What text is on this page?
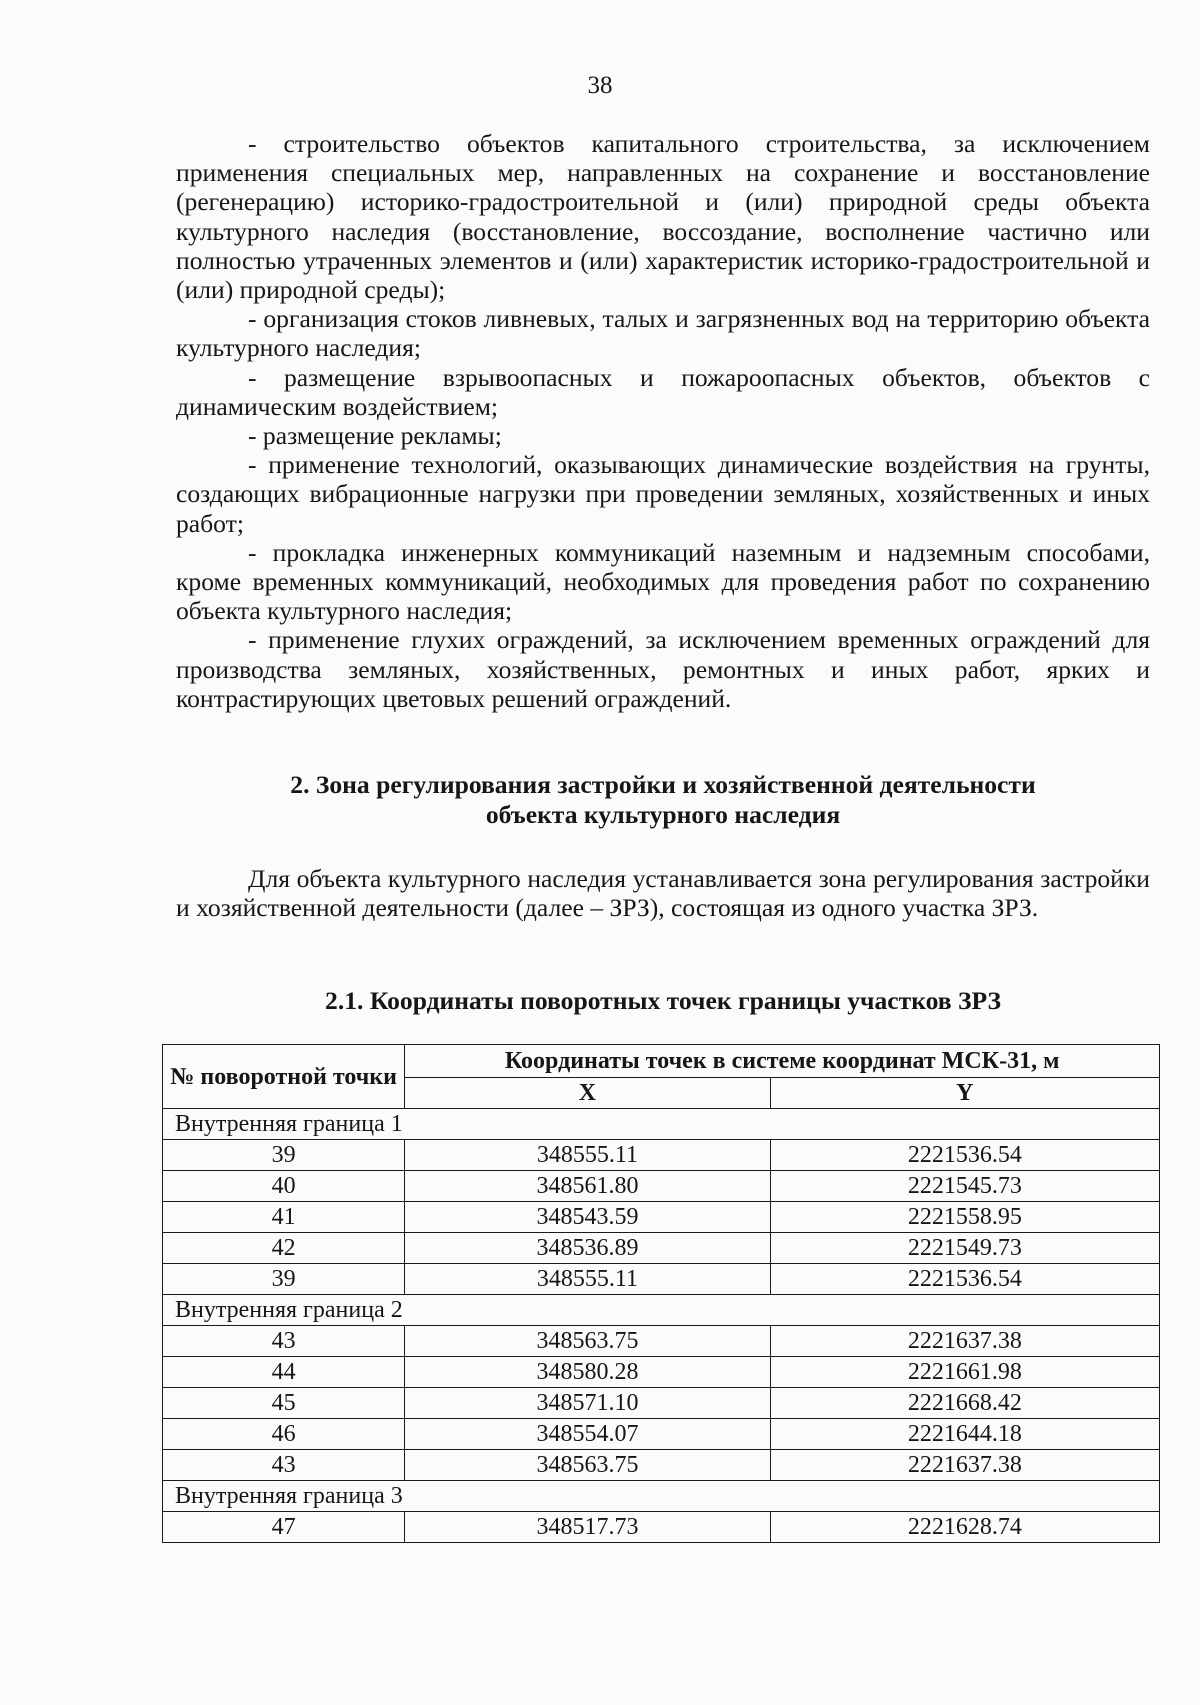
38

- строительство объектов капитального строительства, за исключением применения специальных мер, направленных на сохранение и восстановление (регенерацию) историко-градостроительной и (или) природной среды объекта культурного наследия (восстановление, воссоздание, восполнение частично или полностью утраченных элементов и (или) характеристик историко-градостроительной и (или) природной среды);

- организация стоков ливневых, талых и загрязненных вод на территорию объекта культурного наследия;

- размещение взрывоопасных и пожароопасных объектов, объектов с динамическим воздействием;

- размещение рекламы;

- применение технологий, оказывающих динамические воздействия на грунты, создающих вибрационные нагрузки при проведении земляных, хозяйственных и иных работ;

- прокладка инженерных коммуникаций наземным и надземным способами, кроме временных коммуникаций, необходимых для проведения работ по сохранению объекта культурного наследия;

- применение глухих ограждений, за исключением временных ограждений для производства земляных, хозяйственных, ремонтных и иных работ, ярких и контрастирующих цветовых решений ограждений.

2. Зона регулирования застройки и хозяйственной деятельности
объекта культурного наследия

Для объекта культурного наследия устанавливается зона регулирования застройки и хозяйственной деятельности (далее – ЗРЗ), состоящая из одного участка ЗРЗ.

2.1. Координаты поворотных точек границы участков ЗРЗ
№ поворотной точки	Координаты точек в системе координат МСК-31, м	
	X	Y
Внутренняя граница 1		
39	348555.11	2221536.54
40	348561.80	2221545.73
41	348543.59	2221558.95
42	348536.89	2221549.73
39	348555.11	2221536.54
Внутренняя граница 2		
43	348563.75	2221637.38
44	348580.28	2221661.98
45	348571.10	2221668.42
46	348554.07	2221644.18
43	348563.75	2221637.38
Внутренняя граница 3		
47	348517.73	2221628.74
